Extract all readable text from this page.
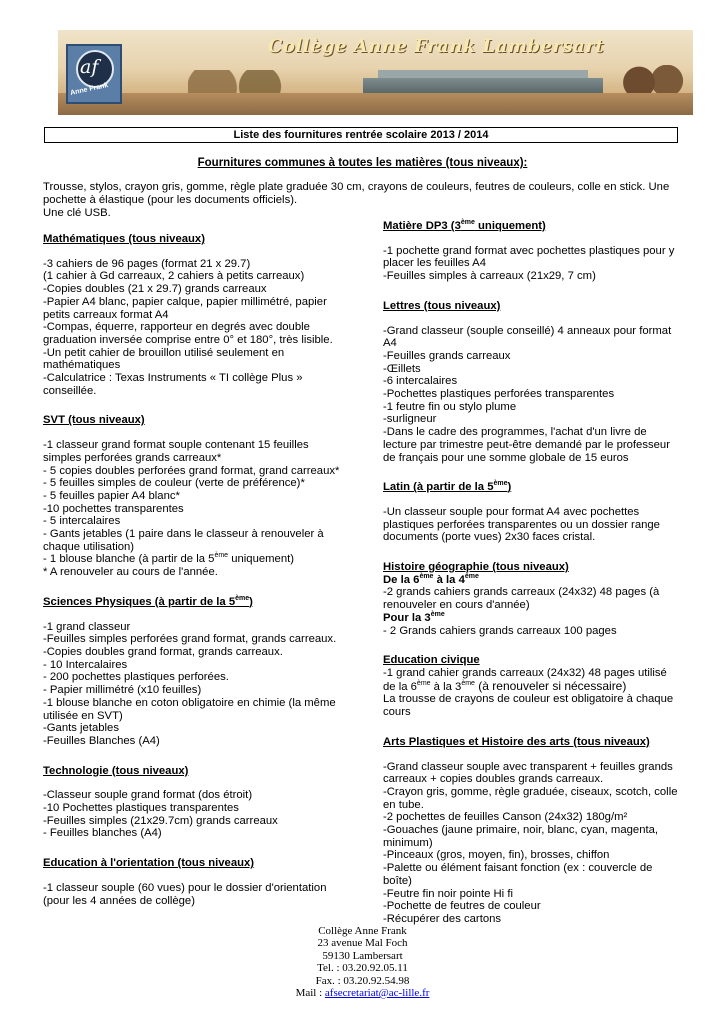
Collège Anne Frank Lambersart
af
Anne Frank
Liste des fournitures rentrée scolaire 2013 / 2014
Fournitures communes à toutes les matières (tous niveaux):
Trousse, stylos, crayon gris, gomme, règle plate graduée 30 cm, crayons de couleurs, feutres de couleurs, colle en stick. Une
pochette à élastique (pour les documents officiels).
Une clé USB.
Mathématiques (tous niveaux)
-3 cahiers de 96 pages (format 21 x 29.7)
(1 cahier à Gd carreaux, 2 cahiers à petits carreaux)
-Copies doubles (21 x 29.7) grands carreaux
-Papier A4 blanc, papier calque, papier millimétré, papier
petits carreaux format A4
-Compas, équerre, rapporteur en degrés avec double
graduation inversée comprise entre 0° et 180°, très lisible.
-Un petit cahier de brouillon utilisé seulement en
mathématiques
-Calculatrice : Texas Instruments « TI collège Plus »
conseillée.
SVT (tous niveaux)
-1 classeur grand format souple contenant 15 feuilles
simples perforées grands carreaux*
- 5 copies doubles perforées grand format, grand carreaux*
- 5 feuilles simples de couleur (verte de préférence)*
- 5 feuilles papier A4 blanc*
-10 pochettes transparentes
- 5 intercalaires
- Gants jetables (1 paire dans le classeur à renouveler à
chaque utilisation)
- 1 blouse blanche (à partir de la 5ème uniquement)
* A renouveler au cours de l'année.
Sciences Physiques (à partir de la 5ème)
-1 grand classeur
-Feuilles simples perforées grand format, grands carreaux.
-Copies doubles grand format, grands carreaux.
- 10 Intercalaires
- 200 pochettes plastiques perforées.
- Papier millimétré (x10 feuilles)
-1 blouse blanche en coton obligatoire en chimie (la même
utilisée en SVT)
-Gants jetables
-Feuilles Blanches (A4)
Technologie (tous niveaux)
-Classeur souple grand format (dos étroit)
-10 Pochettes plastiques transparentes
-Feuilles simples (21x29.7cm) grands carreaux
- Feuilles blanches (A4)
Education à l'orientation (tous niveaux)
-1 classeur souple (60 vues) pour le dossier d'orientation
(pour les 4 années de collège)
Matière DP3 (3ème uniquement)
-1 pochette grand format avec pochettes plastiques pour y
placer les feuilles A4
-Feuilles simples à carreaux (21x29, 7 cm)
Lettres (tous niveaux)
-Grand classeur (souple conseillé) 4 anneaux pour format
A4
-Feuilles grands carreaux
-Œillets
-6 intercalaires
-Pochettes plastiques perforées transparentes
-1 feutre fin ou stylo plume
-surligneur
-Dans le cadre des programmes, l'achat d'un livre de
lecture par trimestre peut-être demandé par le professeur
de français pour une somme globale de 15 euros
Latin (à partir de la 5ème)
-Un classeur souple pour format A4 avec pochettes
plastiques perforées transparentes ou un dossier range
documents (porte vues) 2x30 faces cristal.
Histoire géographie (tous niveaux)
De la 6ème à la 4ème
-2 grands cahiers grands carreaux (24x32) 48 pages (à
renouveler en cours d'année)
Pour la 3ème
- 2 Grands cahiers grands carreaux 100 pages
Education civique
-1 grand cahier grands carreaux (24x32) 48 pages utilisé
de la 6ème à la 3ème (à renouveler si nécessaire)
La trousse de crayons de couleur est obligatoire à chaque
cours
Arts Plastiques et Histoire des arts (tous niveaux)
-Grand classeur souple avec transparent + feuilles grands
carreaux + copies doubles grands carreaux.
-Crayon gris, gomme, règle graduée, ciseaux, scotch, colle
en tube.
-2 pochettes de feuilles Canson (24x32) 180g/m²
-Gouaches (jaune primaire, noir, blanc, cyan, magenta,
minimum)
-Pinceaux (gros, moyen, fin), brosses, chiffon
-Palette ou élément faisant fonction (ex : couvercle de
boîte)
-Feutre fin noir pointe Hi fi
-Pochette de feutres de couleur
-Récupérer des cartons
Collège Anne Frank
23 avenue Mal Foch
59130 Lambersart
Tel. : 03.20.92.05.11
Fax. : 03.20.92.54.98
Mail : afsecretariat@ac-lille.fr
